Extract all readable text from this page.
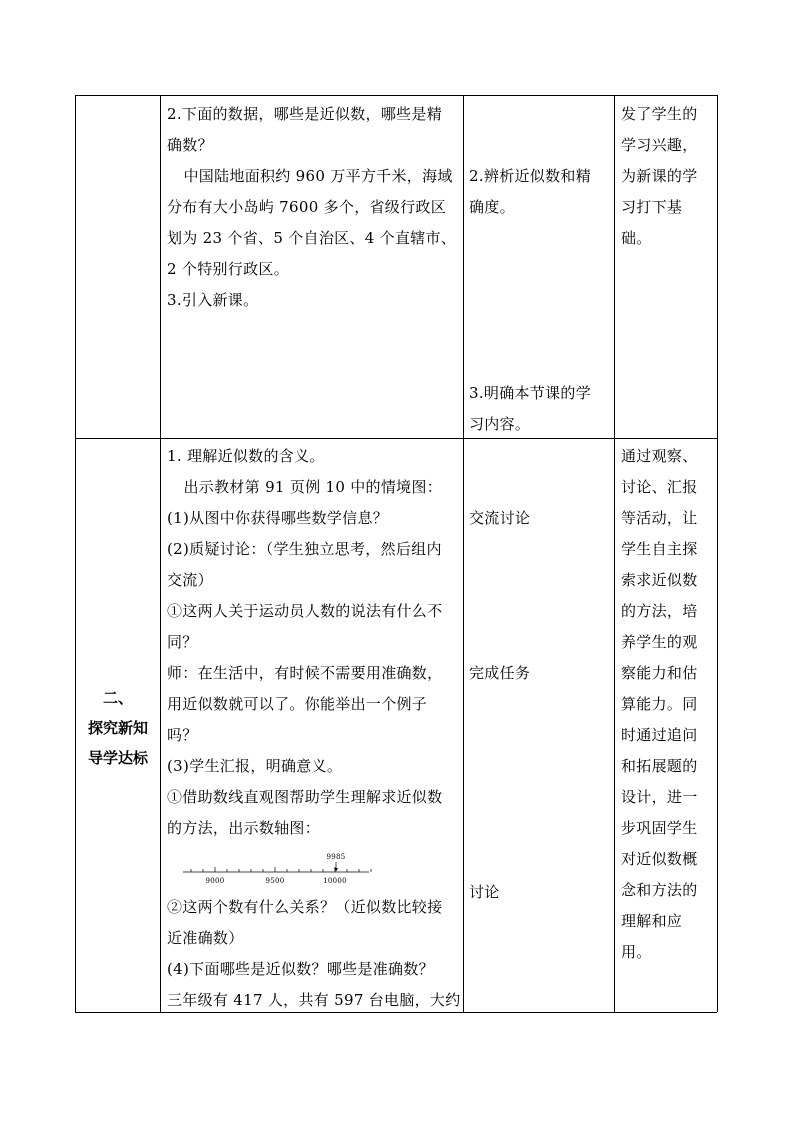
2.下面的数据，哪些是近似数，哪些是精

确数？

中国陆地面积约 960 万平方千米，海域

分布有大小岛屿 7600 多个，省级行政区

划为 23 个省、5 个自治区、4 个直辖市、

2 个特别行政区。

3.引入新课。

2.辨析近似数和精

确度。

3.明确本节课的学

习内容。

发了学生的

学习兴趣，

为新课的学

习打下基

础。

二、
探究新知
导学达标

1. 理解近似数的含义。

出示教材第 91 页例 10 中的情境图：

(1)从图中你获得哪些数学信息？

(2)质疑讨论：（学生独立思考，然后组内

交流）

①这两人关于运动员人数的说法有什么不

同？

师：在生活中，有时候不需要用准确数，

用近似数就可以了。你能举出一个例子

吗？

(3)学生汇报，明确意义。

①借助数线直观图帮助学生理解求近似数

的方法，出示数轴图：

9985
9000	9500	10000

②这两个数有什么关系？（近似数比较接

近准确数）

(4)下面哪些是近似数？哪些是准确数？

三年级有 417 人，共有 597 台电脑，大约

交流讨论
完成任务
讨论

通过观察、

讨论、汇报

等活动，让

学生自主探

索求近似数

的方法，培

养学生的观

察能力和估

算能力。同

时通过追问

和拓展题的

设计，进一

步巩固学生

对近似数概

念和方法的

理解和应

用。
